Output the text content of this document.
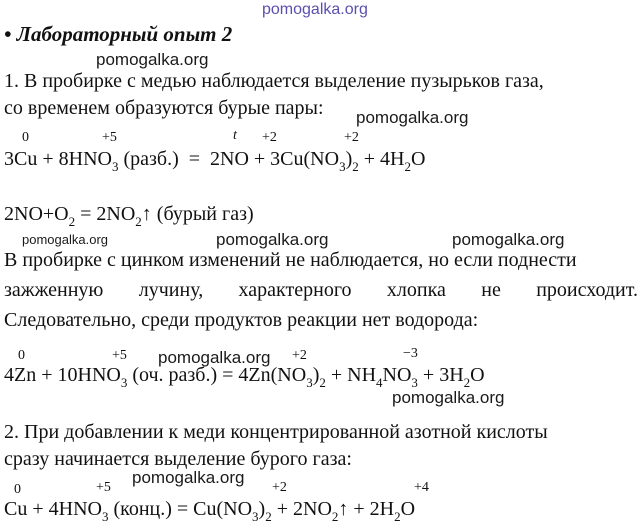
pomogalka.org
• Лабораторный опыт 2
pomogalka.org
1. В пробирке с медью наблюдается выделение пузырьков газа,
со временем образуются бурые пары: pomogalka.org
0	+5	t +2	+2
$3Cu + 8HNO_3$ (разб.) = $2NO + 3Cu(NO_3)_2 + 4H_2O$
$2NO+O_2$ = $2NO_2↑$ (бурый газ)
pomogalka.org	pomogalka.org	pomogalka.org
В пробирке с цинком изменений не наблюдается, но если поднести
зажженную лучину, характерного хлопка не происходит.
Следовательно, среди продуктов реакции нет водорода:
0	+5 pomogalka.org +2	−3
$4Zn + 10HNO_3$ (оч. разб.) = $4Zn(NO_3)_2 + NH_4NO_3 + 3H_2O$
pomogalka.org
2. При добавлении к меди концентрированной азотной кислоты
сразу начинается выделение бурого газа:
pomogalka.org
0	+5	+2	+4
$Cu + 4HNO_3$ (конц.) = $Cu(NO_3)_2$ + $2NO_2↑ + 2H_2O$
